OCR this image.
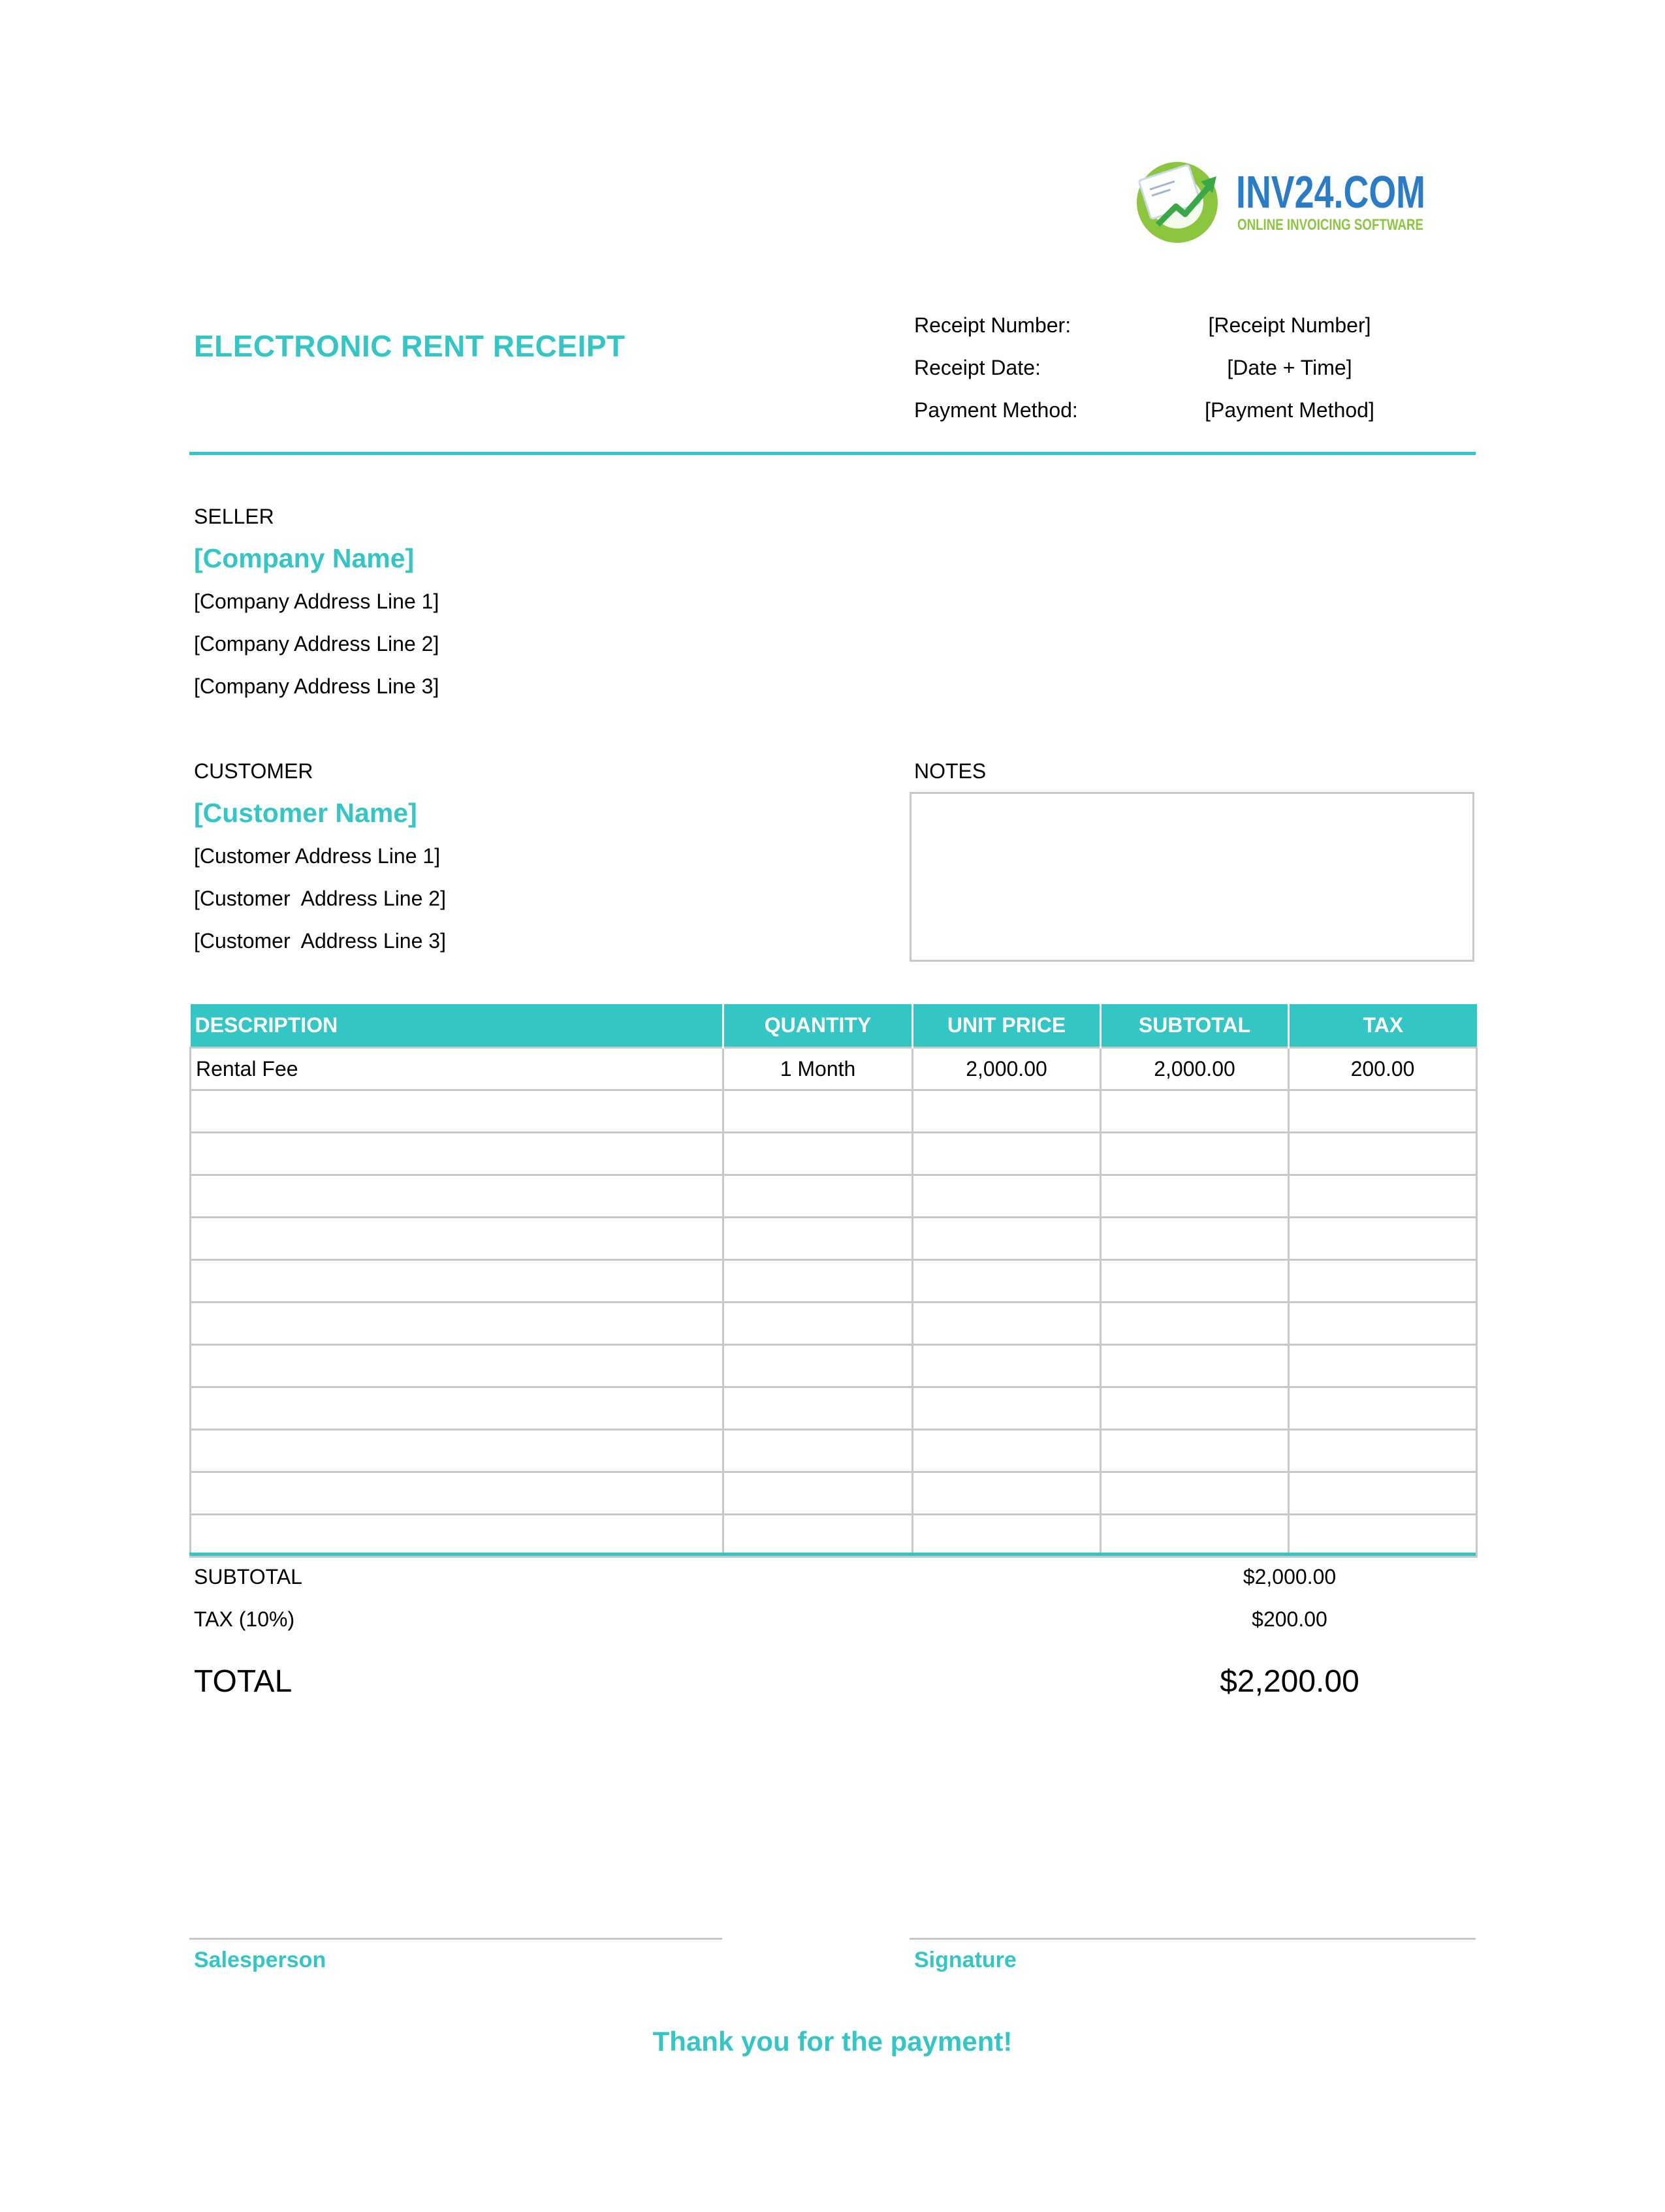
INV24.COM
ONLINE INVOICING SOFTWARE
ELECTRONIC RENT RECEIPT
Receipt Number:	[Receipt Number]
Receipt Date:	[Date + Time]
Payment Method:	[Payment Method]
SELLER
[Company Name]
[Company Address Line 1]
[Company Address Line 2]
[Company Address Line 3]
CUSTOMER
[Customer Name]
[Customer Address Line 1]
[Customer  Address Line 2]
[Customer  Address Line 3]
NOTES
DESCRIPTION	QUANTITY	UNIT PRICE	SUBTOTAL	TAX
Rental Fee	1 Month	2,000.00	2,000.00	200.00

SUBTOTAL	$2,000.00
TAX (10%)	$200.00
TOTAL	$2,200.00
Salesperson	Signature
Thank you for the payment!
